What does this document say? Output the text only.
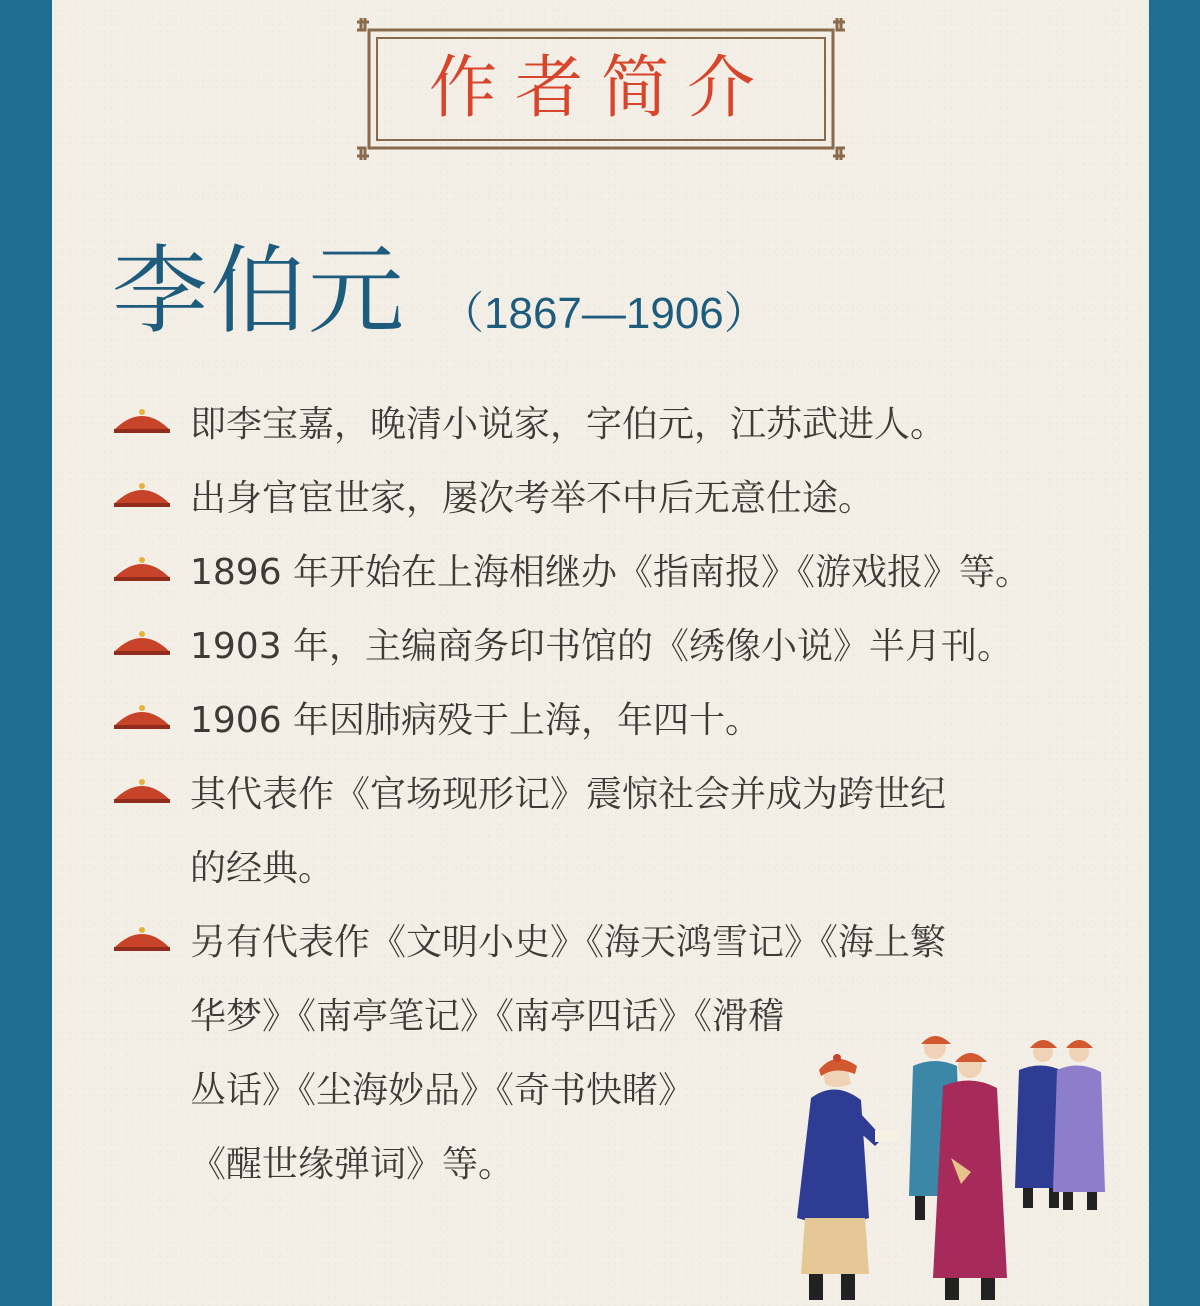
作者简介
李伯元 （1867—1906）
即李宝嘉，晚清小说家，字伯元，江苏武进人。
出身官宦世家，屡次考举不中后无意仕途。
1896 年开始在上海相继办《指南报》《游戏报》等。
1903 年，主编商务印书馆的《绣像小说》半月刊。
1906 年因肺病殁于上海，年四十。
其代表作《官场现形记》震惊社会并成为跨世纪
的经典。
另有代表作《文明小史》《海天鸿雪记》《海上繁
华梦》《南亭笔记》《南亭四话》《滑稽
丛话》《尘海妙品》《奇书快睹》
《醒世缘弹词》等。
